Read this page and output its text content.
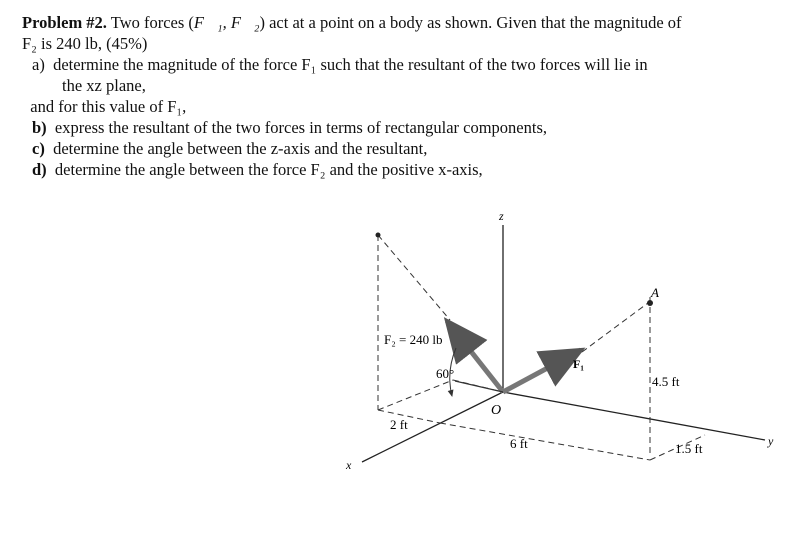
Problem #2. Two forces (F⃗₁, F⃗₂) act at a point on a body as shown. Given that the magnitude of
F₂ is 240 lb, (45%)
a) determine the magnitude of the force F₁ such that the resultant of the two forces will lie in
the xz plane,
and for this value of F₁,
b) express the resultant of the two forces in terms of rectangular components,
c) determine the angle between the z-axis and the resultant,
d) determine the angle between the force F₂ and the positive x-axis,
z
x
y
O
A
F₂ = 240 lb
60°
F₁
2 ft
6 ft
4.5 ft
1.5 ft
